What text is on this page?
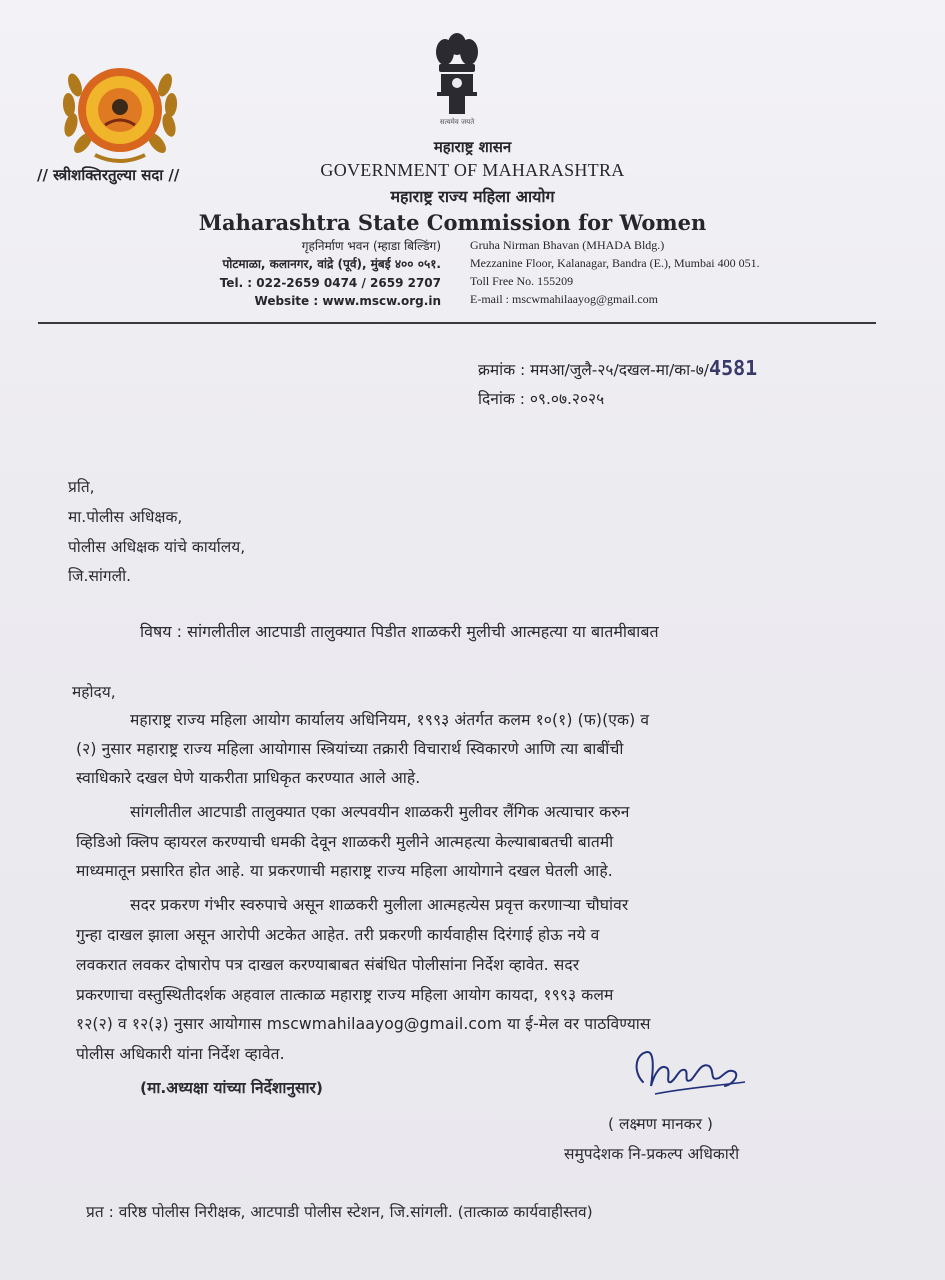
// स्त्रीशक्तिरतुल्या सदा //
सत्यमेव जयते
महाराष्ट्र शासन
GOVERNMENT OF MAHARASHTRA
महाराष्ट्र राज्य महिला आयोग
Maharashtra State Commission for Women
गृहनिर्माण भवन (म्हाडा बिल्डिंग)
पोटमाळा, कलानगर, वांद्रे (पूर्व), मुंबई ४०० ०५१.
Tel. : 022-2659 0474 / 2659 2707
Website : www.mscw.org.in
Gruha Nirman Bhavan (MHADA Bldg.)
Mezzanine Floor, Kalanagar, Bandra (E.), Mumbai 400 051.
Toll Free No. 155209
E-mail : mscwmahilaayog@gmail.com
क्रमांक : ममआ/जुलै-२५/दखल-मा/का-७/4581
दिनांक : ०९.०७.२०२५
प्रति,
मा.पोलीस अधिक्षक,
पोलीस अधिक्षक यांचे कार्यालय,
जि.सांगली.
विषय : सांगलीतील आटपाडी तालुक्यात पिडीत शाळकरी मुलीची आत्महत्या या बातमीबाबत
महोदय,
महाराष्ट्र राज्य महिला आयोग कार्यालय अधिनियम, १९९३ अंतर्गत कलम १०(१) (फ)(एक) व
(२) नुसार महाराष्ट्र राज्य महिला आयोगास स्त्रियांच्या तक्रारी विचारार्थ स्विकारणे आणि त्या बाबींची
स्वाधिकारे दखल घेणे याकरीता प्राधिकृत करण्यात आले आहे.
सांगलीतील आटपाडी तालुक्यात एका अल्पवयीन शाळकरी मुलीवर लैंगिक अत्याचार करुन
व्हिडिओ क्लिप व्हायरल करण्याची धमकी देवून शाळकरी मुलीने आत्महत्या केल्याबाबतची बातमी
माध्यमातून प्रसारित होत आहे. या प्रकरणाची महाराष्ट्र राज्य महिला आयोगाने दखल घेतली आहे.
सदर प्रकरण गंभीर स्वरुपाचे असून शाळकरी मुलीला आत्महत्येस प्रवृत्त करणाऱ्या चौघांवर
गुन्हा दाखल झाला असून आरोपी अटकेत आहेत. तरी प्रकरणी कार्यवाहीस दिरंगाई होऊ नये व
लवकरात लवकर दोषारोप पत्र दाखल करण्याबाबत संबंधित पोलीसांना निर्देश व्हावेत. सदर
प्रकरणाचा वस्तुस्थितीदर्शक अहवाल तात्काळ महाराष्ट्र राज्य महिला आयोग कायदा, १९९३ कलम
१२(२) व १२(३) नुसार आयोगास mscwmahilaayog@gmail.com या ई-मेल वर पाठविण्यास
पोलीस अधिकारी यांना निर्देश व्हावेत.
(मा.अध्यक्षा यांच्या निर्देशानुसार)
( लक्ष्मण मानकर )
समुपदेशक नि-प्रकल्प अधिकारी
प्रत : वरिष्ठ पोलीस निरीक्षक, आटपाडी पोलीस स्टेशन, जि.सांगली. (तात्काळ कार्यवाहीस्तव)
